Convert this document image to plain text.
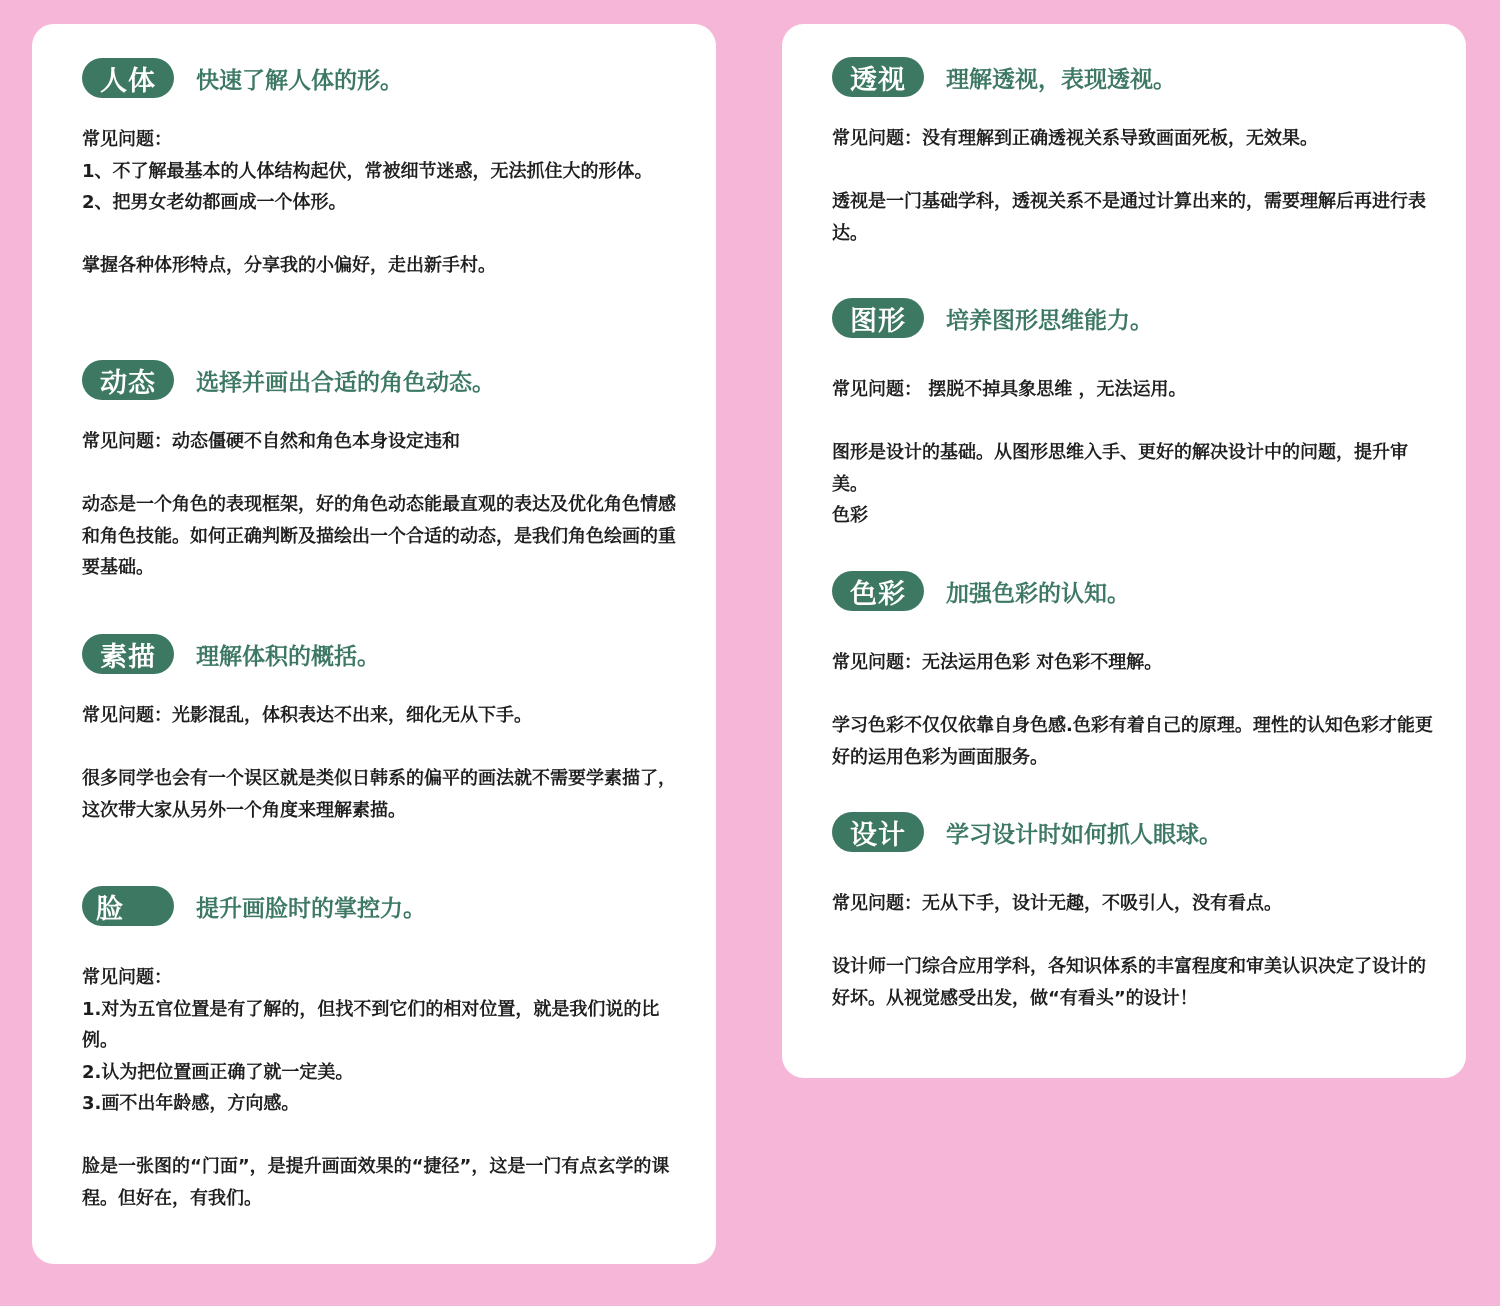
人体	快速了解人体的形。

常见问题：

1、不了解最基本的人体结构起伏，常被细节迷惑，无法抓住大的形体。

2、把男女老幼都画成一个体形。

掌握各种体形特点，分享我的小偏好，走出新手村。

动态	选择并画出合适的角色动态。

常见问题：动态僵硬不自然和角色本身设定违和

动态是一个角色的表现框架，好的角色动态能最直观的表达及优化角色情感和角色技能。如何正确判断及描绘出一个合适的动态，是我们角色绘画的重要基础。

素描	理解体积的概括。

常见问题：光影混乱，体积表达不出来，细化无从下手。

很多同学也会有一个误区就是类似日韩系的偏平的画法就不需要学素描了，这次带大家从另外一个角度来理解素描。

脸	提升画脸时的掌控力。

常见问题：

1.对为五官位置是有了解的，但找不到它们的相对位置，就是我们说的比例。

2.认为把位置画正确了就一定美。

3.画不出年龄感，方向感。

脸是一张图的“门面”，是提升画面效果的“捷径”，这是一门有点玄学的课程。但好在，有我们。

透视	理解透视，表现透视。

常见问题：没有理解到正确透视关系导致画面死板，无效果。

透视是一门基础学科，透视关系不是通过计算出来的，需要理解后再进行表达。

图形	培养图形思维能力。

常见问题： 摆脱不掉具象思维 ，无法运用。

图形是设计的基础。从图形思维入手、更好的解决设计中的问题，提升审美。

色彩

色彩	加强色彩的认知。

常见问题：无法运用色彩 对色彩不理解。

学习色彩不仅仅依靠自身色感.色彩有着自己的原理。理性的认知色彩才能更好的运用色彩为画面服务。

设计	学习设计时如何抓人眼球。

常见问题：无从下手，设计无趣，不吸引人，没有看点。

设计师一门综合应用学科，各知识体系的丰富程度和审美认识决定了设计的好坏。从视觉感受出发，做“有看头”的设计！
